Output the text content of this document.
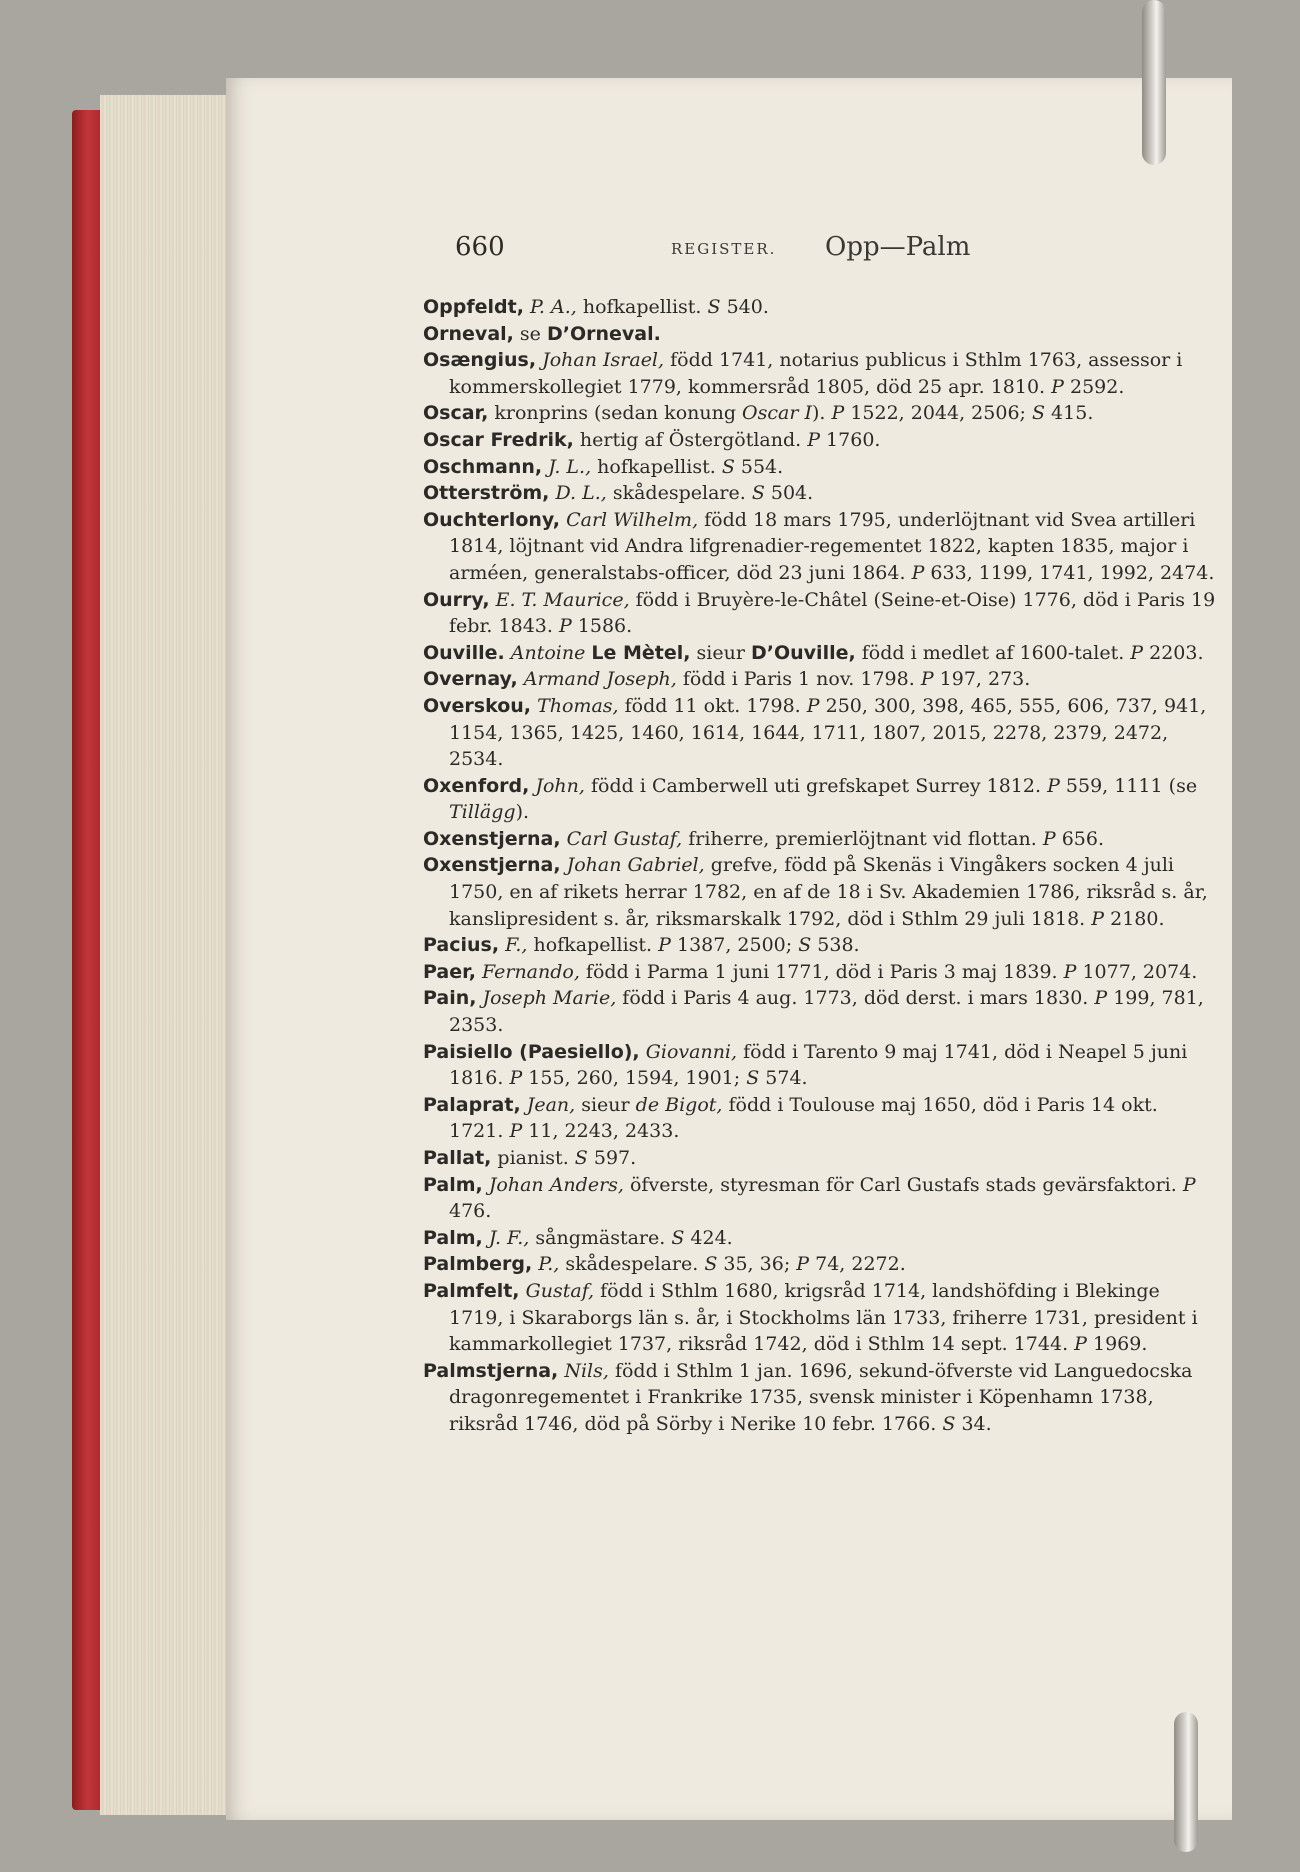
660	REGISTER. Opp—Palm
Oppfeldt, P. A., hofkapellist. S 540.
Orneval, se D’Orneval.
Osængius, Johan Israel, född 1741, notarius publicus i Sthlm 1763, assessor i kommerskollegiet 1779, kommersråd 1805, död 25 apr. 1810. P 2592.
Oscar, kronprins (sedan konung Oscar I). P 1522, 2044, 2506; S 415.
Oscar Fredrik, hertig af Östergötland. P 1760.
Oschmann, J. L., hofkapellist. S 554.
Otterström, D. L., skådespelare. S 504.
Ouchterlony, Carl Wilhelm, född 18 mars 1795, underlöjtnant vid Svea artilleri 1814, löjtnant vid Andra lifgrenadier-regementet 1822, kapten 1835, major i arméen, generalstabs-officer, död 23 juni 1864. P 633, 1199, 1741, 1992, 2474.
Ourry, E. T. Maurice, född i Bruyère-le-Châtel (Seine-et-Oise) 1776, död i Paris 19 febr. 1843. P 1586.
Ouville. Antoine Le Mètel, sieur D’Ouville, född i medlet af 1600-talet. P 2203.
Overnay, Armand Joseph, född i Paris 1 nov. 1798. P 197, 273.
Overskou, Thomas, född 11 okt. 1798. P 250, 300, 398, 465, 555, 606, 737, 941, 1154, 1365, 1425, 1460, 1614, 1644, 1711, 1807, 2015, 2278, 2379, 2472, 2534.
Oxenford, John, född i Camberwell uti grefskapet Surrey 1812. P 559, 1111 (se Tillägg).
Oxenstjerna, Carl Gustaf, friherre, premierlöjtnant vid flottan. P 656.
Oxenstjerna, Johan Gabriel, grefve, född på Skenäs i Vingåkers socken 4 juli 1750, en af rikets herrar 1782, en af de 18 i Sv. Akademien 1786, riksråd s. år, kanslipresident s. år, riksmarskalk 1792, död i Sthlm 29 juli 1818. P 2180.
Pacius, F., hofkapellist. P 1387, 2500; S 538.
Paer, Fernando, född i Parma 1 juni 1771, död i Paris 3 maj 1839. P 1077, 2074.
Pain, Joseph Marie, född i Paris 4 aug. 1773, död derst. i mars 1830. P 199, 781, 2353.
Paisiello (Paesiello), Giovanni, född i Tarento 9 maj 1741, död i Neapel 5 juni 1816. P 155, 260, 1594, 1901; S 574.
Palaprat, Jean, sieur de Bigot, född i Toulouse maj 1650, död i Paris 14 okt. 1721. P 11, 2243, 2433.
Pallat, pianist. S 597.
Palm, Johan Anders, öfverste, styresman för Carl Gustafs stads gevärsfaktori. P 476.
Palm, J. F., sångmästare. S 424.
Palmberg, P., skådespelare. S 35, 36; P 74, 2272.
Palmfelt, Gustaf, född i Sthlm 1680, krigsråd 1714, landshöfding i Blekinge 1719, i Skaraborgs län s. år, i Stockholms län 1733, friherre 1731, president i kammarkollegiet 1737, riksråd 1742, död i Sthlm 14 sept. 1744. P 1969.
Palmstjerna, Nils, född i Sthlm 1 jan. 1696, sekund-öfverste vid Languedocska dragonregementet i Frankrike 1735, svensk minister i Köpenhamn 1738, riksråd 1746, död på Sörby i Nerike 10 febr. 1766. S 34.
